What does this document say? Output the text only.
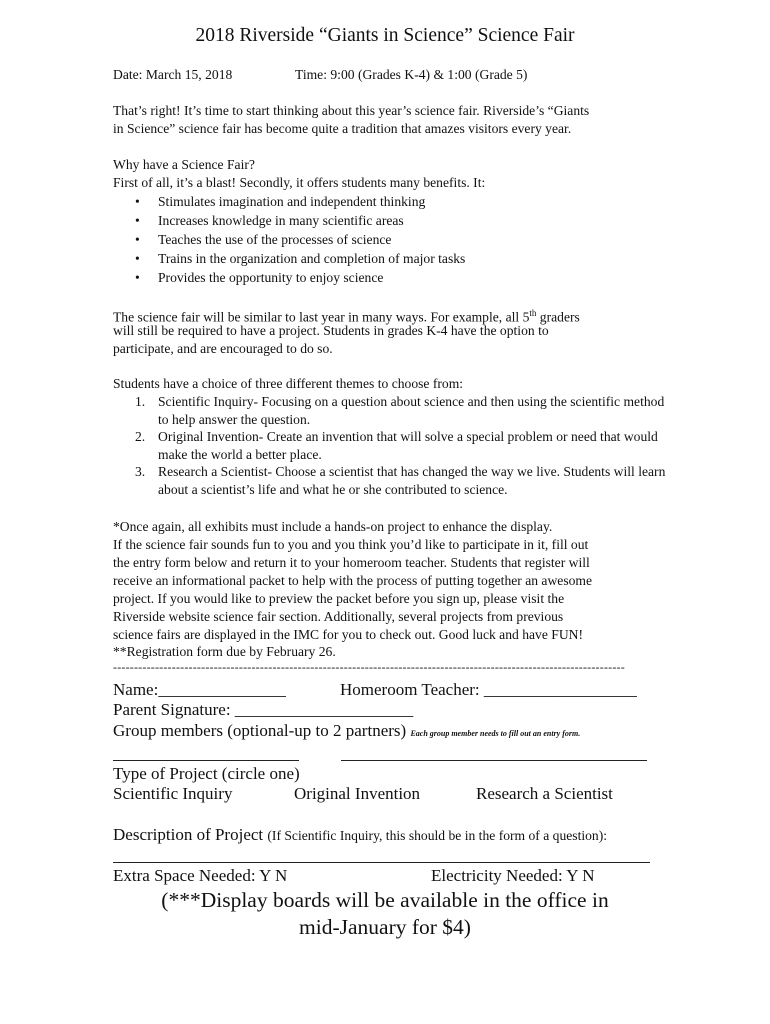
2018 Riverside “Giants in Science” Science Fair
Date: March 15, 2018	Time: 9:00 (Grades K-4) & 1:00 (Grade 5)
That’s right! It’s time to start thinking about this year’s science fair. Riverside’s “Giants
in Science” science fair has become quite a tradition that amazes visitors every year.
Why have a Science Fair?
First of all, it’s a blast! Secondly, it offers students many benefits. It:
• Stimulates imagination and independent thinking
• Increases knowledge in many scientific areas
• Teaches the use of the processes of science
• Trains in the organization and completion of major tasks
• Provides the opportunity to enjoy science
The science fair will be similar to last year in many ways. For example, all 5th graders
will still be required to have a project. Students in grades K-4 have the option to
participate, and are encouraged to do so.
Students have a choice of three different themes to choose from:
1. Scientific Inquiry- Focusing on a question about science and then using the scientific method to help answer the question.
2. Original Invention- Create an invention that will solve a special problem or need that would make the world a better place.
3. Research a Scientist- Choose a scientist that has changed the way we live. Students will learn about a scientist’s life and what he or she contributed to science.
*Once again, all exhibits must include a hands-on project to enhance the display.
If the science fair sounds fun to you and you think you’d like to participate in it, fill out
the entry form below and return it to your homeroom teacher. Students that register will
receive an informational packet to help with the process of putting together an awesome
project. If you would like to preview the packet before you sign up, please visit the
Riverside website science fair section. Additionally, several projects from previous
science fairs are displayed in the IMC for you to check out. Good luck and have FUN!
**Registration form due by February 26.
--------------------------------------------------------------------------------------------------------------------------
Name:_______________	Homeroom Teacher: __________________
Parent Signature: _____________________
Group members (optional-up to 2 partners) Each group member needs to fill out an entry form.
Type of Project (circle one)
Scientific Inquiry	Original Invention	Research a Scientist
Description of Project (If Scientific Inquiry, this should be in the form of a question):
Extra Space Needed: Y N	Electricity Needed: Y N
(***Display boards will be available in the office in
mid-January for $4)
